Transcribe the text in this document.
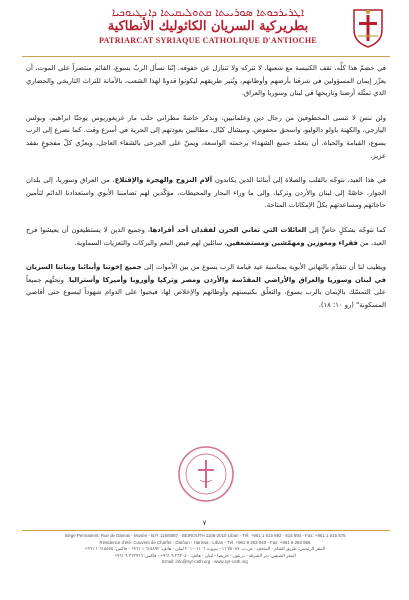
ܐܛܪܝܪܟܘܬܐ ܣܘܪܝܝܬܐ ܩܬܘܠܝܩܝܬܐ ܕܐܢܛܝܘܟܝܐ
بطريركية السريان الكاثوليك الأنطاكية
PATRIARCAT SYRIAQUE CATHOLIQUE D'ANTIOCHE

في خضمّ هذا كلِّه، تقف الكنيسة مع شعبها، لا تتركه ولا تتنازل عن حقوقه. إنّنا نسأل الربّ يسوع، القائم منتصراً على الموت، أن يعزّز إيمان المسؤولين في شرقنا بأرضهم وأوطانهم، ويُنير طريقهم ليكونوا قدوةً لهذا الشعب، بالأمانة للتراث التاريخي والحضاري الذي تمثّله أرضنا وتاريخها في لبنان وسوريا والعراق.

ولن ننسَ لا ننسى المخطوفين من رجال دين وعلمانيين، ونذكر خاصةً مطراني حلب مار غريغوريوس يوحنّا ابراهيم، وبولس اليازجي، والكهنة باولو دالوليو، واسحق محفوض، وميشال كيّال، مطالبين بعودتهم إلى الحرية في أسرع وقت. كما نضرع إلى الرب يسوع، القيامة والحياة، أن يتغمّد جميع الشهداء برحمته الواسعة، ويمنّ على الجرحى بالشفاء العاجل، ويعزّي كلّ مفجوعٍ بفقد عزيز.

في هذا العيد، نتوجّه بالقلب والصلاة إلى أبنائنا الذين يكابدون آلام النزوح والهجرة والإقتلاع، من العراق وسوريا، إلى بلدان الجوار، خاصّةً إلى لبنان والأردن وتركيا، وإلى ما وراء البحار والمحيطات، مؤكّدين لهم تضامننا الأبوي واستعدادنا الدائم لتأمين حاجاتهم ومساعدتهم بكلّ الإمكانات المتاحة.

كما نتوجّه بشكلٍ خاصٍّ إلى العائلات التي تعاني الحزن لفقدان أحد أفرادها، وجميع الذين لا يستطيعون أن يعيشوا فرح العيد، من فقراء ومعوزين ومهمّشين ومستضعفين، سائلين لهم فيض النعم والبركات والتعزيات السماوية.

ويطيب لنا أن نتقدّم بالتهاني الأبوية بمناسبة عيد قيامة الرب يسوع من بين الأموات إلى جميع إخوتنا وأبنائنا وبناتنا السريان في لبنان وسوريا والعراق والأراضي المقدّسة والأردن ومصر وتركيا وأوروبا وأميركا وأستراليا. ونحثّهم جميعاً على التمسّك بالإيمان بالرب يسوع، والتعلّق بكنيستهم وأوطانهم والإخلاص لها، فيحيوا على الدوام شهوداً ليسوع حتى أقاصي المسكونة" (رو ١٠: ١٨).

٧
Siège Permanent: Rue de Damas - Musée - B.P. 116/5087 - BEIROUTH 1106-2010 Liban - Tél. +961 1 615 892 - 615 894 - Fax: +961 1 615 575
Résidence d'été: Couvent de Charfet - Darôun - Harissa - Liban - Tél. +961 9 263 040 - Fax: +961 9 263 966
المقر الرئيسي: طريق الشام - المتحف - ص.ب. ١١٦/٥٠٨٧ - بيروت ١١٠٦-٢٠١٠ لبنان - هاتف: ٦١٥٨٩٢ ١ ٩٦١+ - فاكس: ٦١٥٥٧٥ ١ ٩٦١+
المقر الصيفي: دير الشرفة - درعون - حريصا - لبنان - هاتف: ٢٦٣٠٤٠ ٩ ٩٦١+ - فاكس: ٢٦٣٩٦٦ ٩ ٩٦١+
Email: info@syr-cath.org - www.syr-cath.org
